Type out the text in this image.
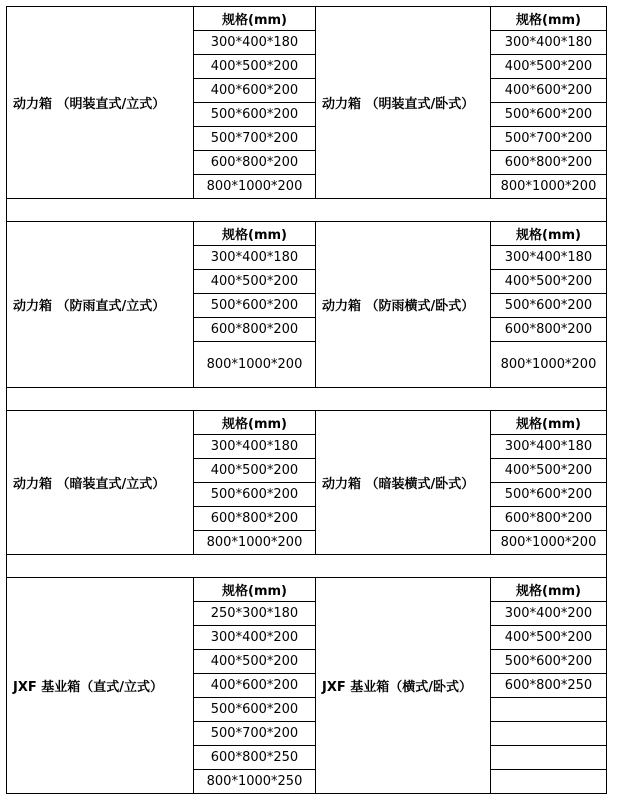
动力箱 （明装直式/立式）	规格(mm)	动力箱 （明装直式/卧式）	规格(mm)
	300*400*180		300*400*180
	400*500*200		400*500*200
	400*600*200		400*600*200
	500*600*200		500*600*200
	500*700*200		500*700*200
	600*800*200		600*800*200
	800*1000*200		800*1000*200

动力箱 （防雨直式/立式）	规格(mm)	动力箱 （防雨横式/卧式）	规格(mm)
	300*400*180		300*400*180
	400*500*200		400*500*200
	500*600*200		500*600*200
	600*800*200		600*800*200
	800*1000*200		800*1000*200

动力箱 （暗装直式/立式）	规格(mm)	动力箱 （暗装横式/卧式）	规格(mm)
	300*400*180		300*400*180
	400*500*200		400*500*200
	500*600*200		500*600*200
	600*800*200		600*800*200
	800*1000*200		800*1000*200

JXF 基业箱（直式/立式）	规格(mm)	JXF 基业箱（横式/卧式）	规格(mm)
	250*300*180		300*400*200
	300*400*200		400*500*200
	400*500*200		500*600*200
	400*600*200		600*800*250
	500*600*200		
	500*700*200		
	600*800*250		
	800*1000*250		
